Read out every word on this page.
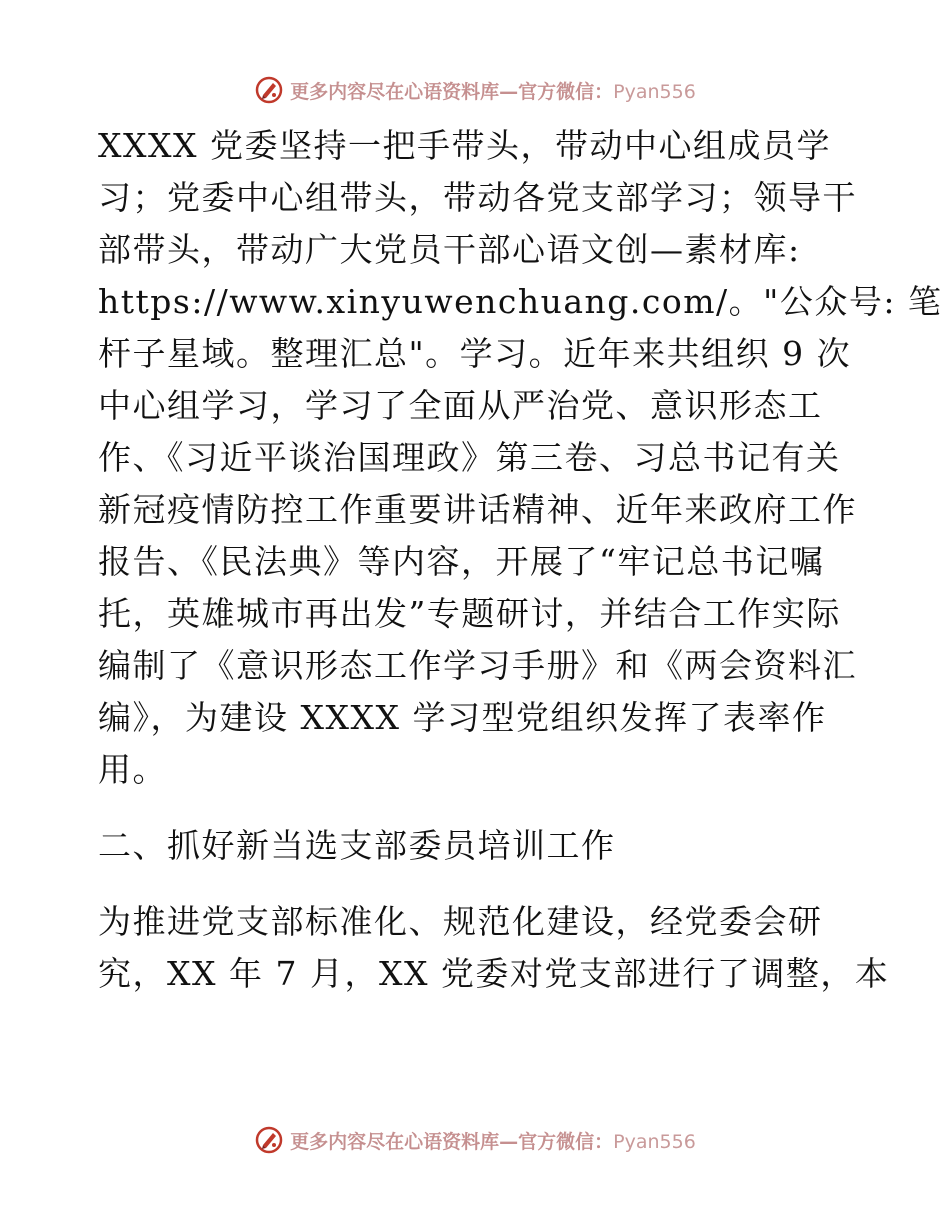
更多内容尽在心语资料库—官方微信：Pyan556
XXXX 党委坚持一把手带头，带动中心组成员学
习；党委中心组带头，带动各党支部学习；领导干
部带头，带动广大党员干部心语文创—素材库:
https://www.xinyuwenchuang.com/。"公众号: 笔
杆子星域。整理汇总"。学习。近年来共组织 9 次
中心组学习，学习了全面从严治党、意识形态工
作、《习近平谈治国理政》第三卷、习总书记有关
新冠疫情防控工作重要讲话精神、近年来政府工作
报告、《民法典》等内容，开展了“牢记总书记嘱
托，英雄城市再出发”专题研讨，并结合工作实际
编制了《意识形态工作学习手册》和《两会资料汇
编》，为建设 XXXX 学习型党组织发挥了表率作
用。
二、抓好新当选支部委员培训工作
为推进党支部标准化、规范化建设，经党委会研
究，XX 年 7 月，XX 党委对党支部进行了调整，本
更多内容尽在心语资料库—官方微信：Pyan556
